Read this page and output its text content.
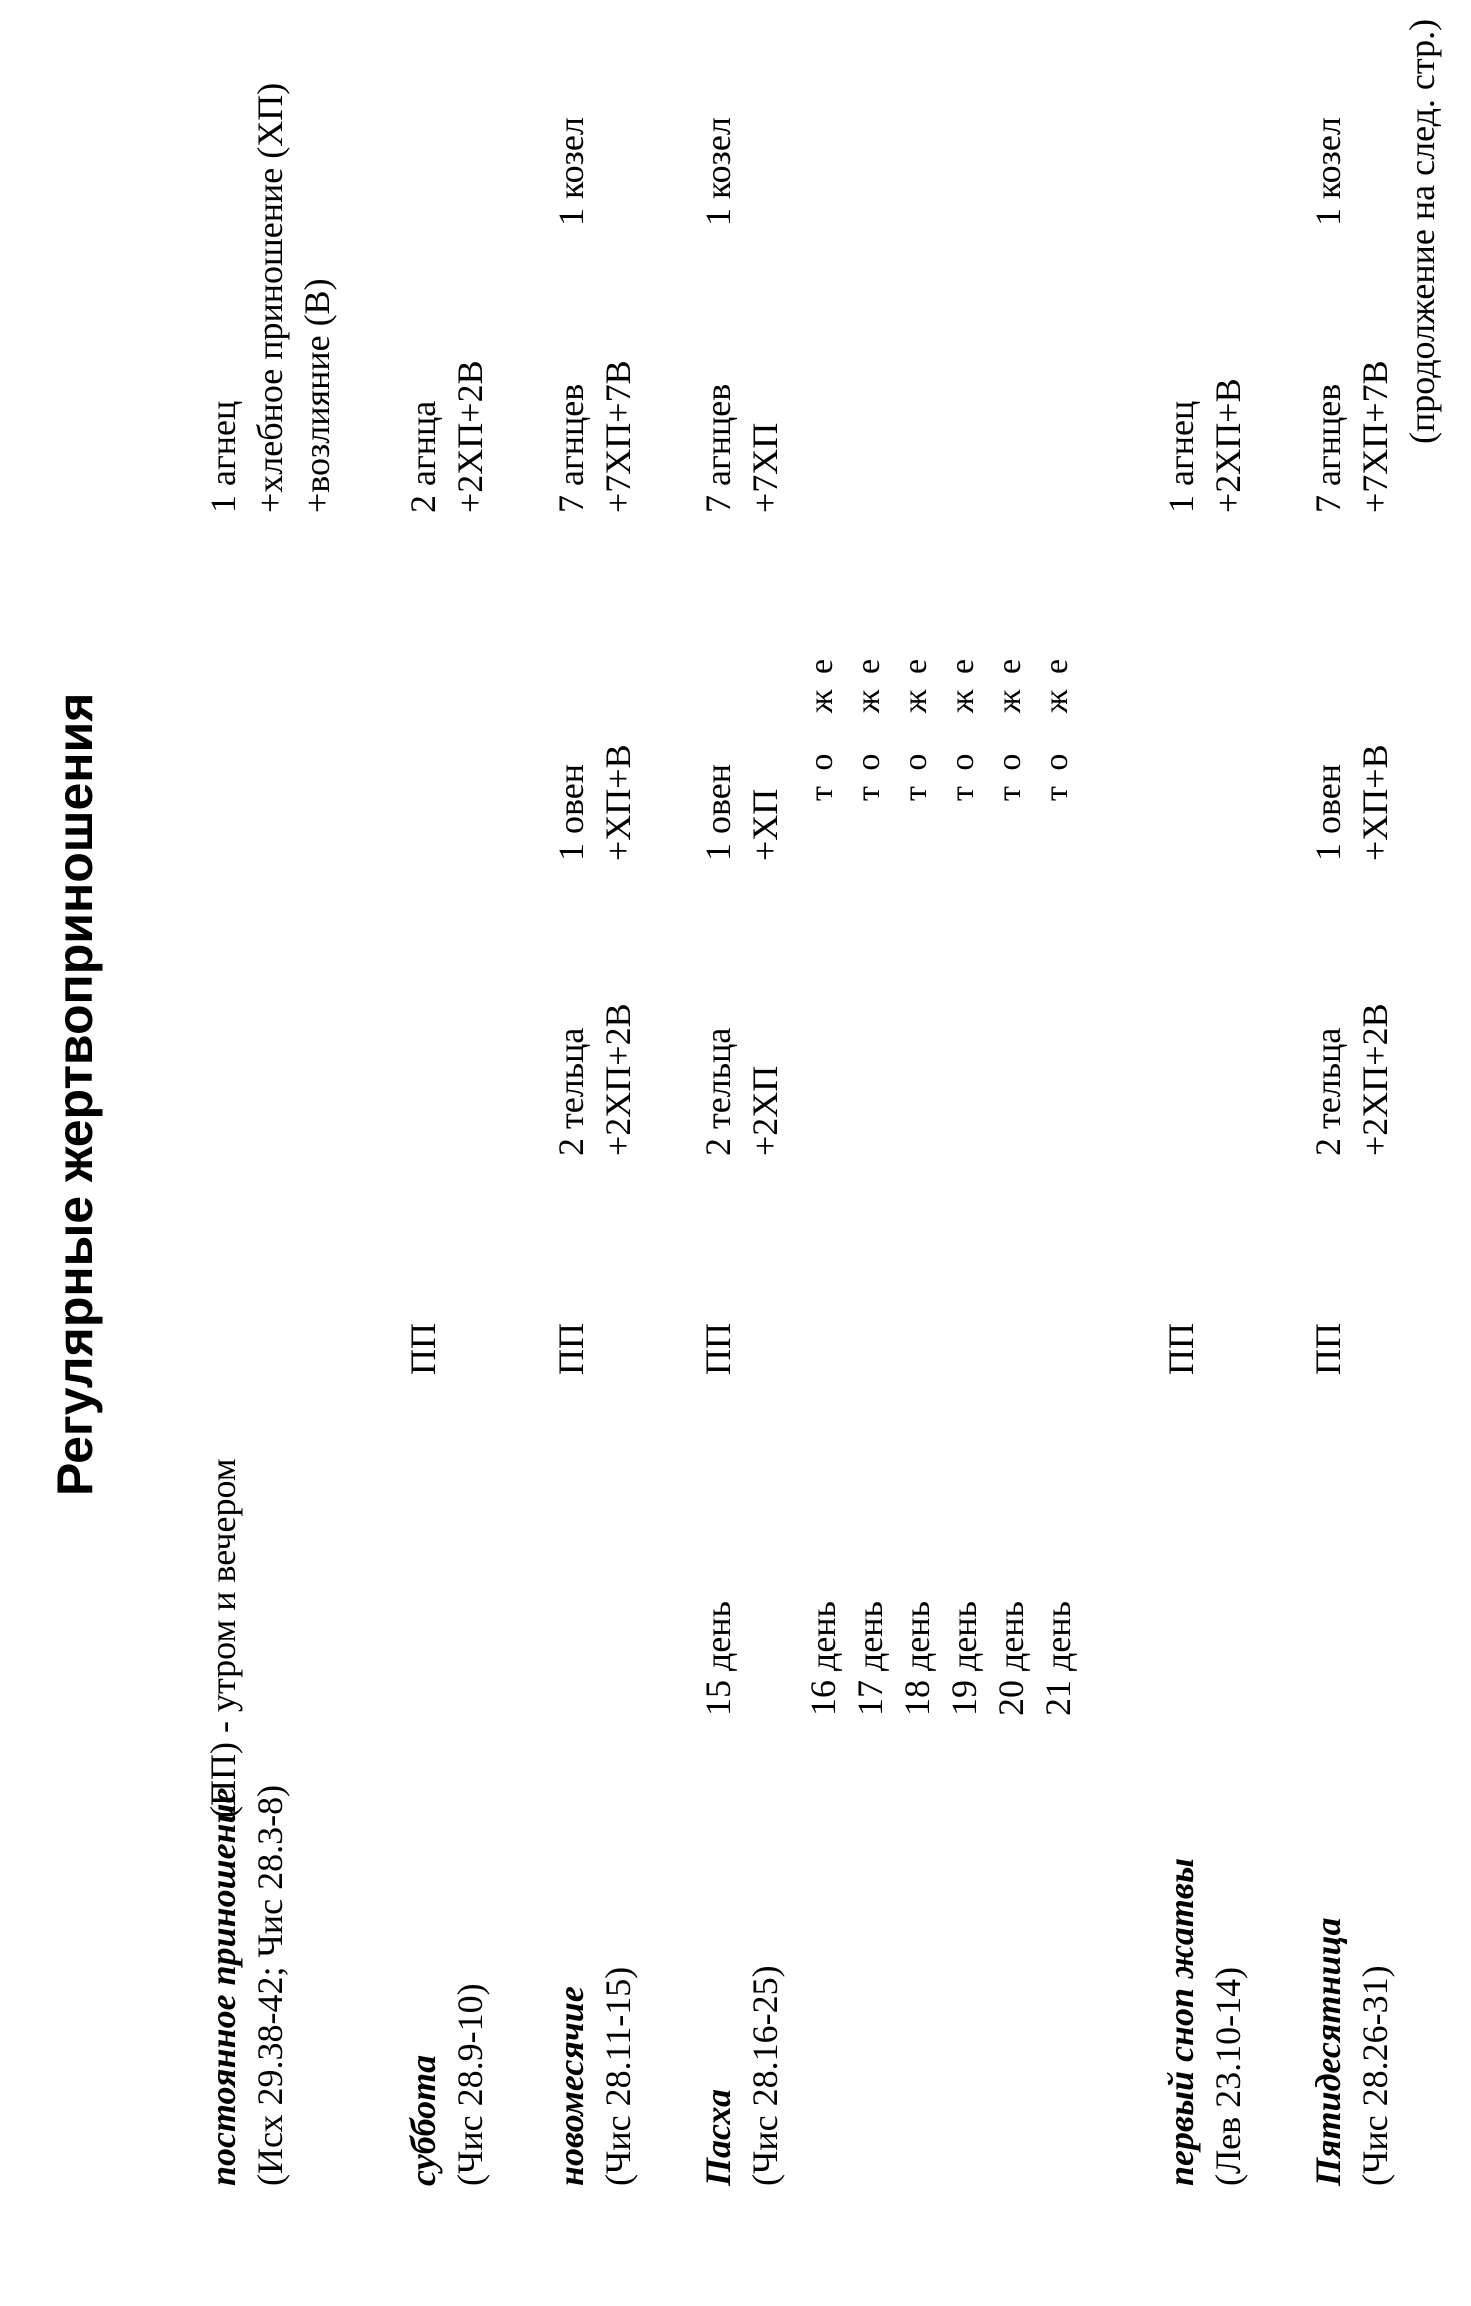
Регулярные жертвоприношения
постоянное приношение
(ПП) - утром и вечером
(Исх 29.38-42; Чис 28.3-8)
1 агнец +хлебное приношение (ХП) +возлияние (В)
суббота (Чис 28.9-10)
ПП
2 агнца +2ХП+2В
новомесячие (Чис 28.11-15)
ПП
2 тельца +2ХП+2В
1 овен +ХП+В
7 агнцев +7ХП+7В
1 козел
Пасха (Чис 28.16-25)
15 день
ПП
2 тельца +2ХП
1 овен +ХП
7 агнцев +7ХП
1 козел
16 день 17 день 18 день 19 день 20 день 21 день
то же то же то же то же то же то же
первый сноп жатвы (Лев 23.10-14)
ПП
1 агнец +2ХП+В
Пятидесятница (Чис 28.26-31)
ПП
2 тельца +2ХП+2В
1 овен +ХП+В
7 агнцев +7ХП+7В
1 козел (продолжение на след. стр.)
